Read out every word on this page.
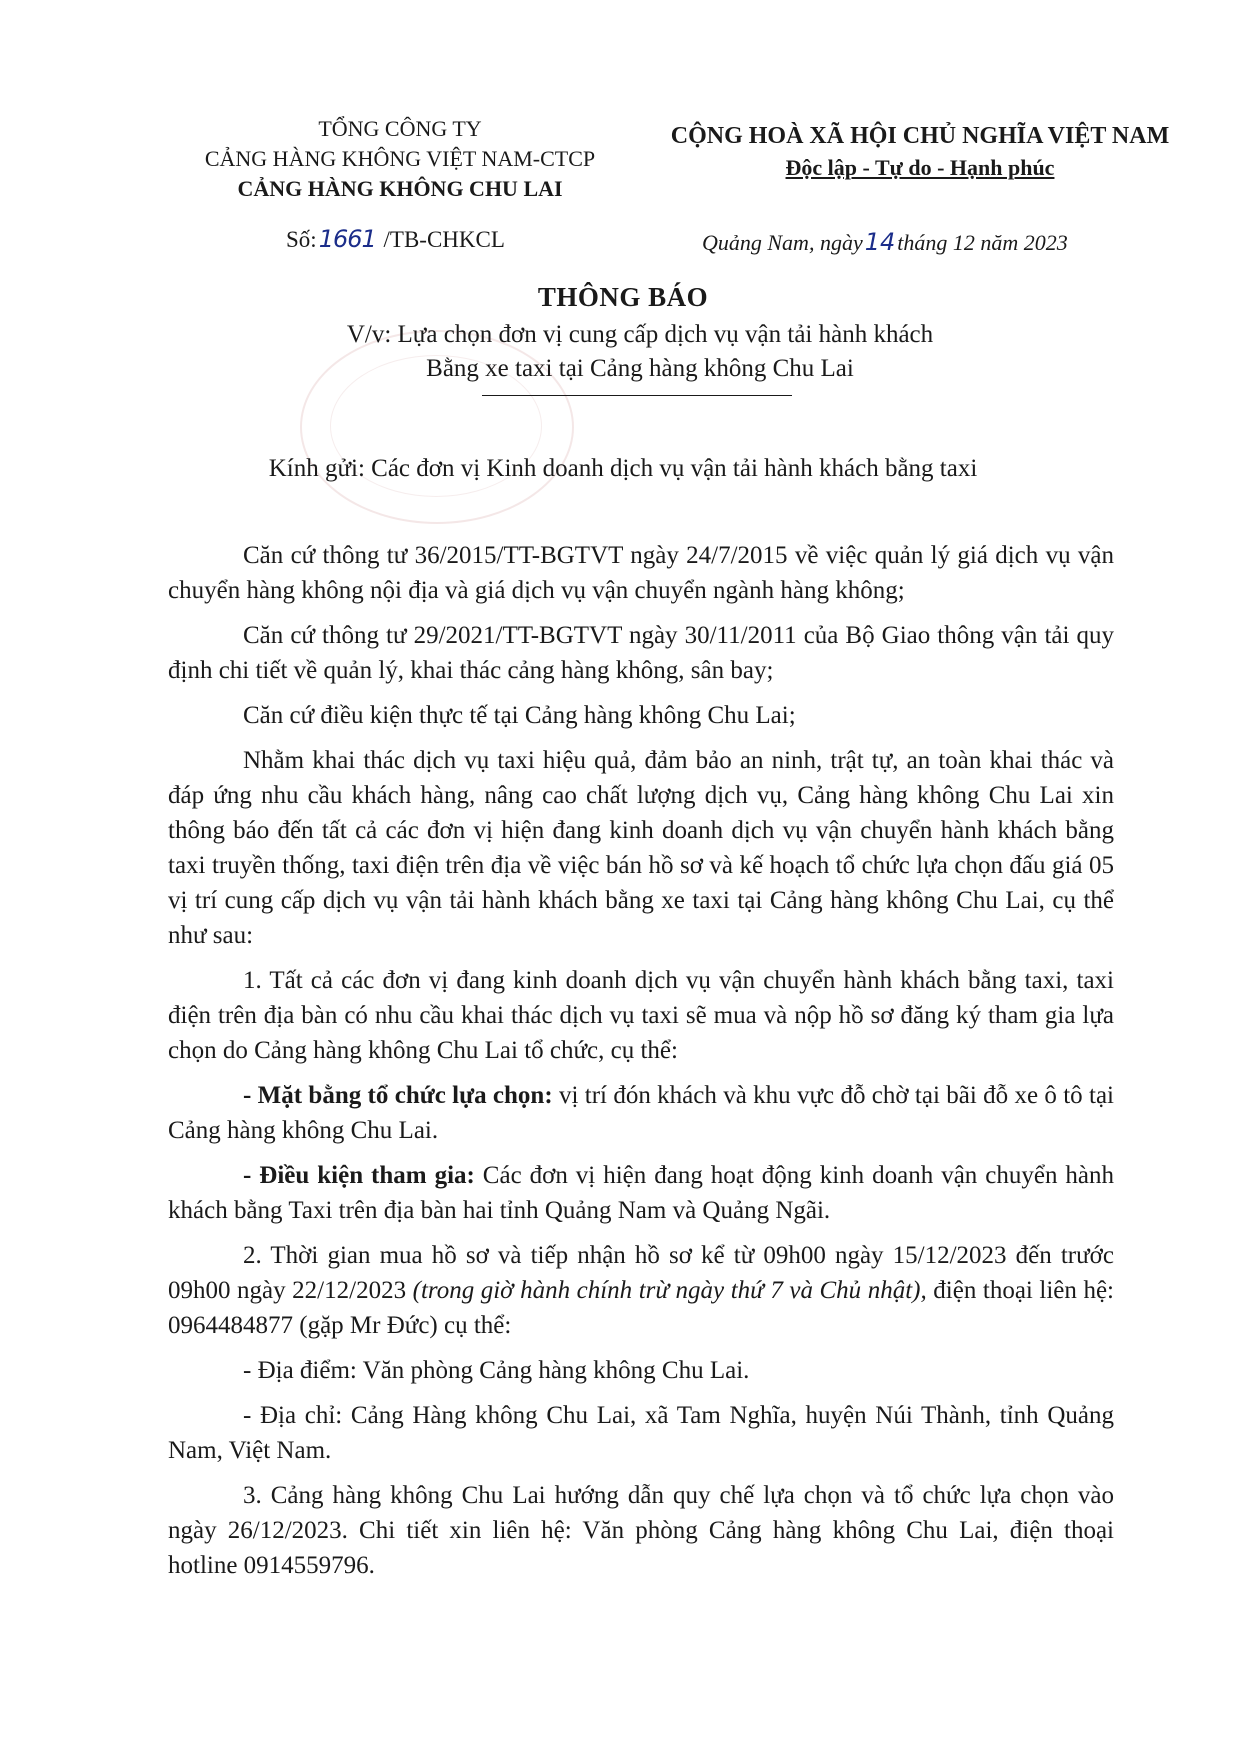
TỔNG CÔNG TY
CẢNG HÀNG KHÔNG VIỆT NAM-CTCP
CẢNG HÀNG KHÔNG CHU LAI
CỘNG HOÀ XÃ HỘI CHỦ NGHĨA VIỆT NAM
Độc lập - Tự do - Hạnh phúc
Số:1661 /TB-CHKCL	Quảng Nam, ngày14tháng 12 năm 2023
THÔNG BÁO
V/v: Lựa chọn đơn vị cung cấp dịch vụ vận tải hành khách
Bằng xe taxi tại Cảng hàng không Chu Lai
Kính gửi: Các đơn vị Kinh doanh dịch vụ vận tải hành khách bằng taxi

Căn cứ thông tư 36/2015/TT-BGTVT ngày 24/7/2015 về việc quản lý giá dịch vụ vận chuyển hàng không nội địa và giá dịch vụ vận chuyển ngành hàng không;

Căn cứ thông tư 29/2021/TT-BGTVT ngày 30/11/2011 của Bộ Giao thông vận tải quy định chi tiết về quản lý, khai thác cảng hàng không, sân bay;

Căn cứ điều kiện thực tế tại Cảng hàng không Chu Lai;

Nhằm khai thác dịch vụ taxi hiệu quả, đảm bảo an ninh, trật tự, an toàn khai thác và đáp ứng nhu cầu khách hàng, nâng cao chất lượng dịch vụ, Cảng hàng không Chu Lai xin thông báo đến tất cả các đơn vị hiện đang kinh doanh dịch vụ vận chuyển hành khách bằng taxi truyền thống, taxi điện trên địa về việc bán hồ sơ và kế hoạch tổ chức lựa chọn đấu giá 05 vị trí cung cấp dịch vụ vận tải hành khách bằng xe taxi tại Cảng hàng không Chu Lai, cụ thể như sau:

1. Tất cả các đơn vị đang kinh doanh dịch vụ vận chuyển hành khách bằng taxi, taxi điện trên địa bàn có nhu cầu khai thác dịch vụ taxi sẽ mua và nộp hồ sơ đăng ký tham gia lựa chọn do Cảng hàng không Chu Lai tổ chức, cụ thể:

- Mặt bằng tổ chức lựa chọn: vị trí đón khách và khu vực đỗ chờ tại bãi đỗ xe ô tô tại Cảng hàng không Chu Lai.

- Điều kiện tham gia: Các đơn vị hiện đang hoạt động kinh doanh vận chuyển hành khách bằng Taxi trên địa bàn hai tỉnh Quảng Nam và Quảng Ngãi.

2. Thời gian mua hồ sơ và tiếp nhận hồ sơ kể từ 09h00 ngày 15/12/2023 đến trước 09h00 ngày 22/12/2023 (trong giờ hành chính trừ ngày thứ 7 và Chủ nhật), điện thoại liên hệ: 0964484877 (gặp Mr Đức) cụ thể:

- Địa điểm: Văn phòng Cảng hàng không Chu Lai.

- Địa chỉ: Cảng Hàng không Chu Lai, xã Tam Nghĩa, huyện Núi Thành, tỉnh Quảng Nam, Việt Nam.

3. Cảng hàng không Chu Lai hướng dẫn quy chế lựa chọn và tổ chức lựa chọn vào ngày 26/12/2023. Chi tiết xin liên hệ: Văn phòng Cảng hàng không Chu Lai, điện thoại hotline 0914559796.
